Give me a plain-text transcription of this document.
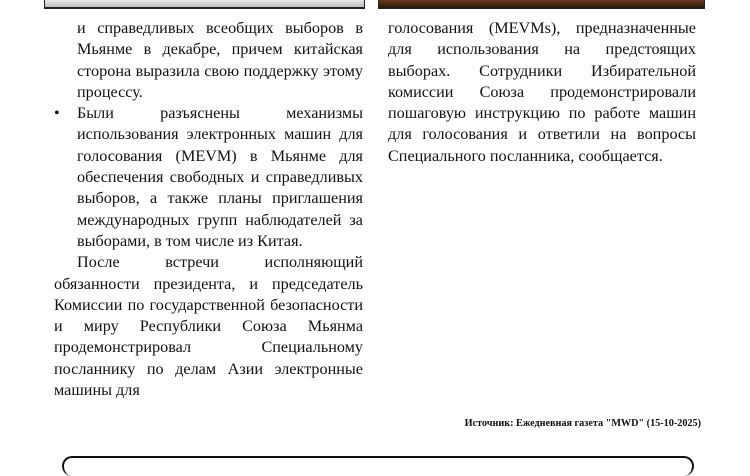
и справедливых всеобщих выборов в Мьянме в декабре, причем китайская сторона выразила свою поддержку этому процессу.

• Были разъяснены механизмы использования электронных машин для голосования (MEVM) в Мьянме для обеспечения свободных и справедливых выборов, а также планы приглашения международных групп наблюдателей за выборами, в том числе из Китая.

После встречи исполняющий обязанности президента, и председатель Комиссии по государственной безопасности и миру Республики Союза Мьянма продемонстрировал Специальному посланнику по делам Азии электронные машины для

голосования (MEVMs), предназначенные для использования на предстоящих выборах. Сотрудники Избирательной комиссии Союза продемонстрировали пошаговую инструкцию по работе машин для голосования и ответили на вопросы Специального посланника, сообщается.

Источник: Ежедневная газета "MWD" (15-10-2025)
